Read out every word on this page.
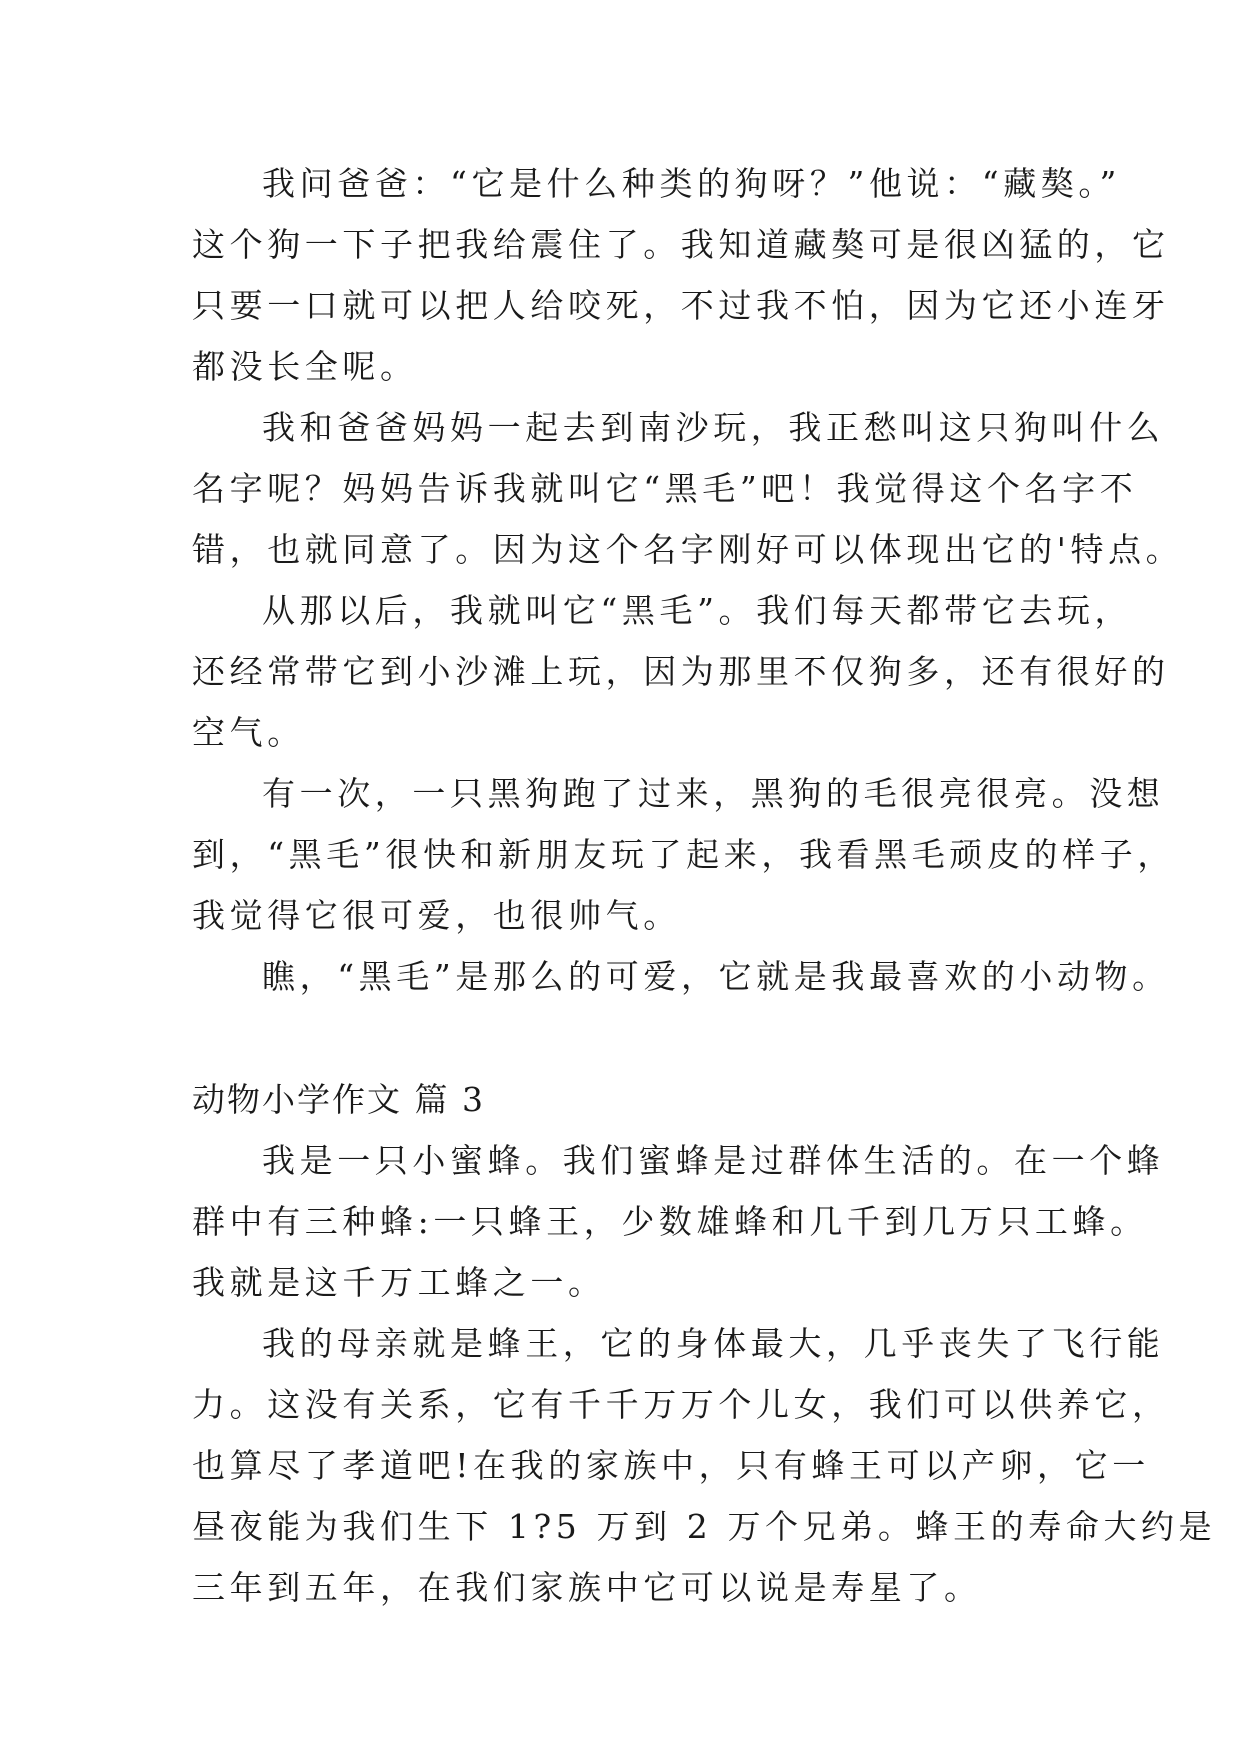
我问爸爸：“它是什么种类的狗呀？”他说：“藏獒。”
这个狗一下子把我给震住了。我知道藏獒可是很凶猛的，它
只要一口就可以把人给咬死，不过我不怕，因为它还小连牙
都没长全呢。
我和爸爸妈妈一起去到南沙玩，我正愁叫这只狗叫什么
名字呢？妈妈告诉我就叫它“黑毛”吧！我觉得这个名字不
错，也就同意了。因为这个名字刚好可以体现出它的'特点。
从那以后，我就叫它“黑毛”。我们每天都带它去玩，
还经常带它到小沙滩上玩，因为那里不仅狗多，还有很好的
空气。
有一次，一只黑狗跑了过来，黑狗的毛很亮很亮。没想
到，“黑毛”很快和新朋友玩了起来，我看黑毛顽皮的样子，
我觉得它很可爱，也很帅气。
瞧，“黑毛”是那么的可爱，它就是我最喜欢的小动物。
动物小学作文 篇 3
我是一只小蜜蜂。我们蜜蜂是过群体生活的。在一个蜂
群中有三种蜂:一只蜂王，少数雄蜂和几千到几万只工蜂。
我就是这千万工蜂之一。
我的母亲就是蜂王，它的身体最大，几乎丧失了飞行能
力。这没有关系，它有千千万万个儿女，我们可以供养它，
也算尽了孝道吧!在我的家族中，只有蜂王可以产卵，它一
昼夜能为我们生下 1?5 万到 2 万个兄弟。蜂王的寿命大约是
三年到五年，在我们家族中它可以说是寿星了。
